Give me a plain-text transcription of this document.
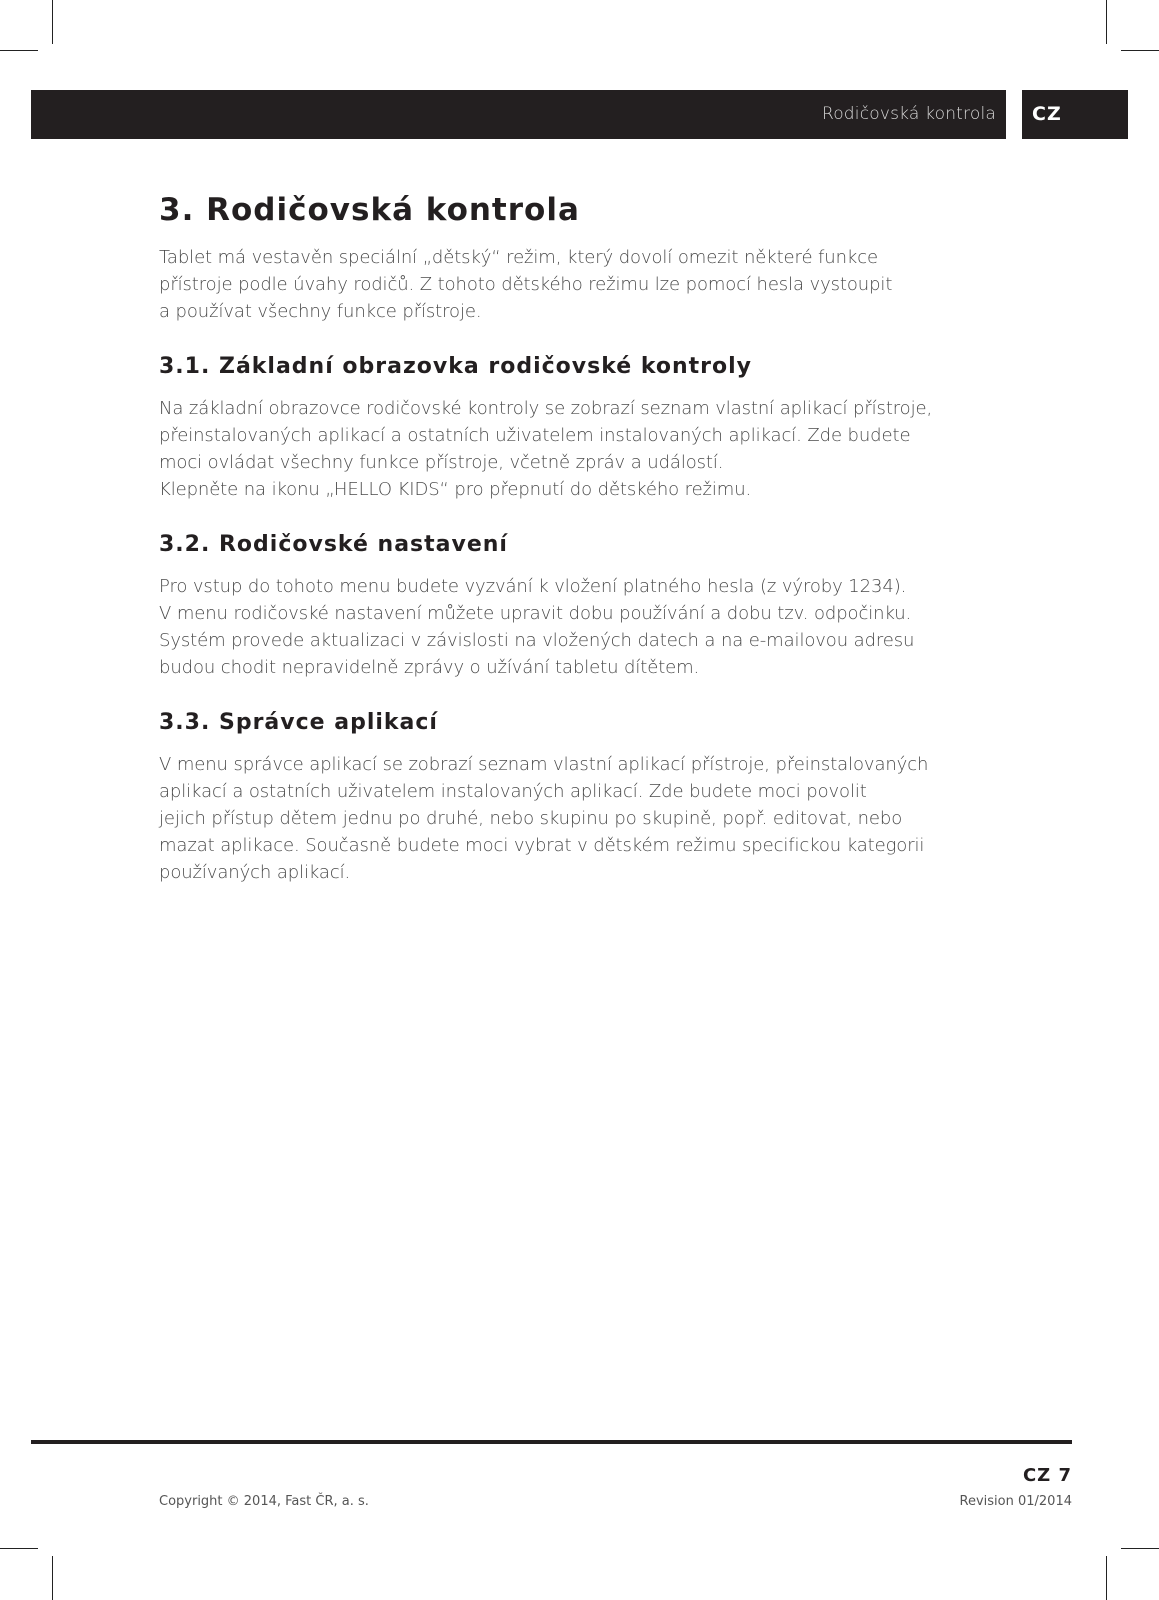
Rodičovská kontrola CZ
3. Rodičovská kontrola

Tablet má vestavěn speciální „dětský“ režim, který dovolí omezit některé funkce
přístroje podle úvahy rodičů. Z tohoto dětského režimu lze pomocí hesla vystoupit
a používat všechny funkce přístroje.

3.1. Základní obrazovka rodičovské kontroly

Na základní obrazovce rodičovské kontroly se zobrazí seznam vlastní aplikací přístroje,
přeinstalovaných aplikací a ostatních uživatelem instalovaných aplikací. Zde budete
moci ovládat všechny funkce přístroje, včetně zpráv a událostí.
Klepněte na ikonu „HELLO KIDS“ pro přepnutí do dětského režimu.

3.2. Rodičovské nastavení

Pro vstup do tohoto menu budete vyzvání k vložení platného hesla (z výroby 1234).
V menu rodičovské nastavení můžete upravit dobu používání a dobu tzv. odpočinku.
Systém provede aktualizaci v závislosti na vložených datech a na e-mailovou adresu
budou chodit nepravidelně zprávy o užívání tabletu dítětem.

3.3. Správce aplikací

V menu správce aplikací se zobrazí seznam vlastní aplikací přístroje, přeinstalovaných
aplikací a ostatních uživatelem instalovaných aplikací. Zde budete moci povolit
jejich přístup dětem jednu po druhé, nebo skupinu po skupině, popř. editovat, nebo
mazat aplikace. Současně budete moci vybrat v dětském režimu specifickou kategorii
používaných aplikací.

CZ 7
Copyright © 2014, Fast ČR, a. s.	Revision 01/2014
